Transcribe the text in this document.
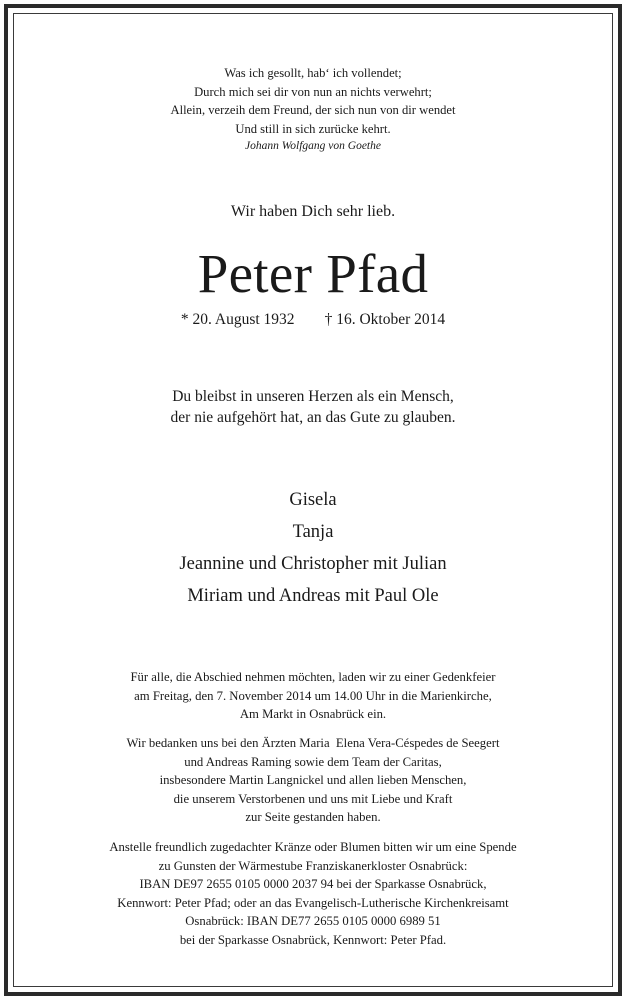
Was ich gesollt, hab‘ ich vollendet;
Durch mich sei dir von nun an nichts verwehrt;
Allein, verzeih dem Freund, der sich nun von dir wendet
Und still in sich zurücke kehrt.
Johann Wolfgang von Goethe
Wir haben Dich sehr lieb.
Peter Pfad
* 20. August 1932 † 16. Oktober 2014
Du bleibst in unseren Herzen als ein Mensch,
der nie aufgehört hat, an das Gute zu glauben.
Gisela
Tanja
Jeannine und Christopher mit Julian
Miriam und Andreas mit Paul Ole
Für alle, die Abschied nehmen möchten, laden wir zu einer Gedenkfeier
am Freitag, den 7. November 2014 um 14.00 Uhr in die Marienkirche,
Am Markt in Osnabrück ein.
Wir bedanken uns bei den Ärzten Maria  Elena Vera-Céspedes de Seegert
und Andreas Raming sowie dem Team der Caritas,
insbesondere Martin Langnickel und allen lieben Menschen,
die unserem Verstorbenen und uns mit Liebe und Kraft
zur Seite gestanden haben.
Anstelle freundlich zugedachter Kränze oder Blumen bitten wir um eine Spende
zu Gunsten der Wärmestube Franziskanerkloster Osnabrück:
IBAN DE97 2655 0105 0000 2037 94 bei der Sparkasse Osnabrück,
Kennwort: Peter Pfad; oder an das Evangelisch-Lutherische Kirchenkreisamt
Osnabrück: IBAN DE77 2655 0105 0000 6989 51
bei der Sparkasse Osnabrück, Kennwort: Peter Pfad.
